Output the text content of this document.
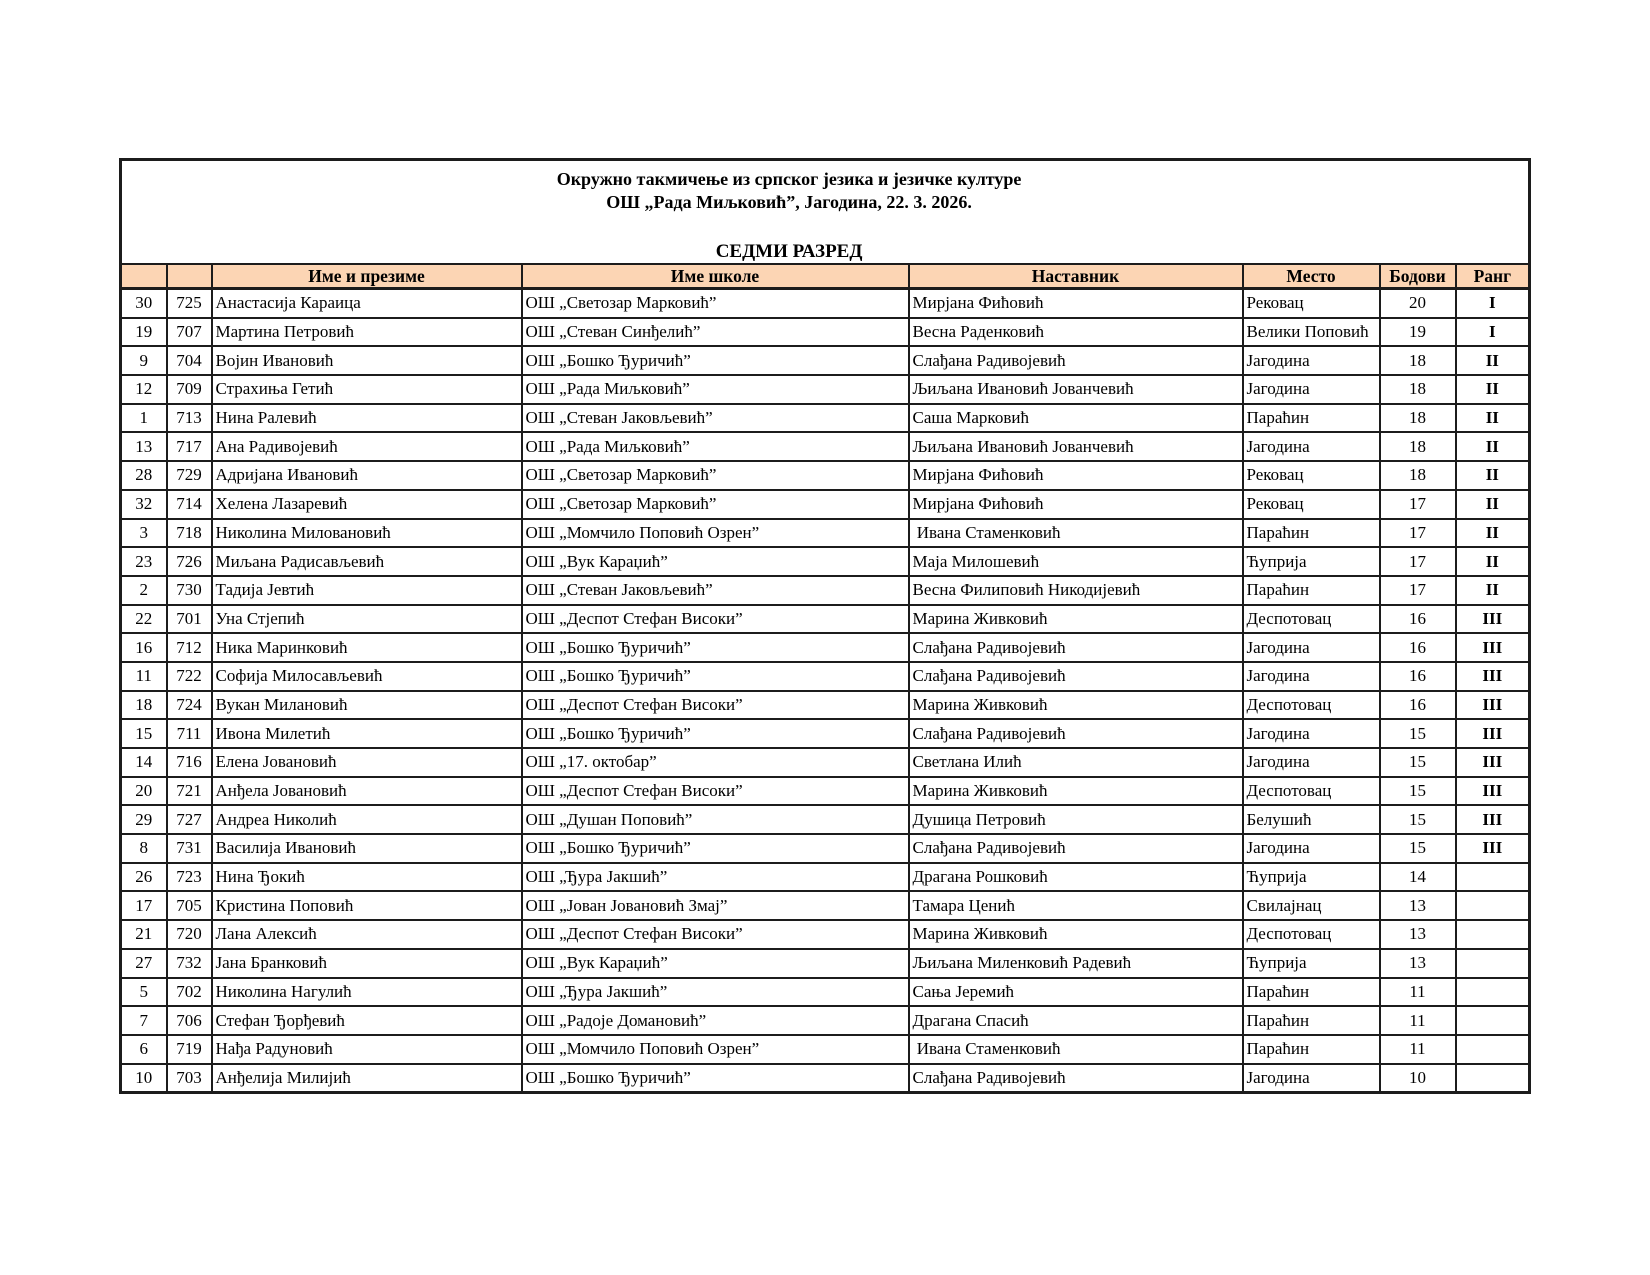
Окружно такмичење из српског језика и језичке културе
ОШ „Рада Миљковић”, Јагодина, 22. 3. 2026.
СЕДМИ РАЗРЕД							

		Име и презиме	Име школе	Наставник	Место	Бодови	Ранг
30	725	Анастасија Караица	ОШ „Светозар Марковић”	Мирјана Фићовић	Рековац	20	I
19	707	Мартина Петровић	ОШ „Стеван Синђелић”	Весна Раденковић	Велики Поповић	19	I
9	704	Војин Ивановић	ОШ „Бошко Ђуричић”	Слађана Радивојевић	Јагодина	18	II
12	709	Страхиња Гетић	ОШ „Рада Миљковић”	Љиљана Ивановић Јованчевић	Јагодина	18	II
1	713	Нина Ралевић	ОШ „Стеван Јаковљевић”	Саша Марковић	Параћин	18	II
13	717	Ана Радивојевић	ОШ „Рада Миљковић”	Љиљана Ивановић Јованчевић	Јагодина	18	II
28	729	Адријана Ивановић	ОШ „Светозар Марковић”	Мирјана Фићовић	Рековац	18	II
32	714	Хелена Лазаревић	ОШ „Светозар Марковић”	Мирјана Фићовић	Рековац	17	II
3	718	Николина Миловановић	ОШ „Момчило Поповић Озрен”	Ивана Стаменковић	Параћин	17	II
23	726	Миљана Радисављевић	ОШ „Вук Караџић”	Маја Милошевић	Ћуприја	17	II
2	730	Тадија Јевтић	ОШ „Стеван Јаковљевић”	Весна Филиповић Никодијевић	Параћин	17	II
22	701	Уна Стјепић	ОШ „Деспот Стефан Високи”	Марина Живковић	Деспотовац	16	III
16	712	Ника Маринковић	ОШ „Бошко Ђуричић”	Слађана Радивојевић	Јагодина	16	III
11	722	Софија Милосављевић	ОШ „Бошко Ђуричић”	Слађана Радивојевић	Јагодина	16	III
18	724	Вукан Милановић	ОШ „Деспот Стефан Високи”	Марина Живковић	Деспотовац	16	III
15	711	Ивона Милетић	ОШ „Бошко Ђуричић”	Слађана Радивојевић	Јагодина	15	III
14	716	Елена Јовановић	ОШ „17. октобар”	Светлана Илић	Јагодина	15	III
20	721	Анђела Јовановић	ОШ „Деспот Стефан Високи”	Марина Живковић	Деспотовац	15	III
29	727	Андреа Николић	ОШ „Душан Поповић”	Душица Петровић	Белушић	15	III
8	731	Василија Ивановић	ОШ „Бошко Ђуричић”	Слађана Радивојевић	Јагодина	15	III
26	723	Нина Ђокић	ОШ „Ђура Јакшић”	Драгана Рошковић	Ћуприја	14	
17	705	Кристина Поповић	ОШ „Јован Јовановић Змај”	Тамара Ценић	Свилајнац	13	
21	720	Лана Алексић	ОШ „Деспот Стефан Високи”	Марина Живковић	Деспотовац	13	
27	732	Јана Бранковић	ОШ „Вук Караџић”	Љиљана Миленковић Радевић	Ћуприја	13	
5	702	Николина Нагулић	ОШ „Ђура Јакшић”	Сања Јеремић	Параћин	11	
7	706	Стефан Ђорђевић	ОШ „Радоје Домановић”	Драгана Спасић	Параћин	11	
6	719	Нађа Радуновић	ОШ „Момчило Поповић Озрен”	Ивана Стаменковић	Параћин	11	
10	703	Анђелија Милијић	ОШ „Бошко Ђуричић”	Слађана Радивојевић	Јагодина	10	
